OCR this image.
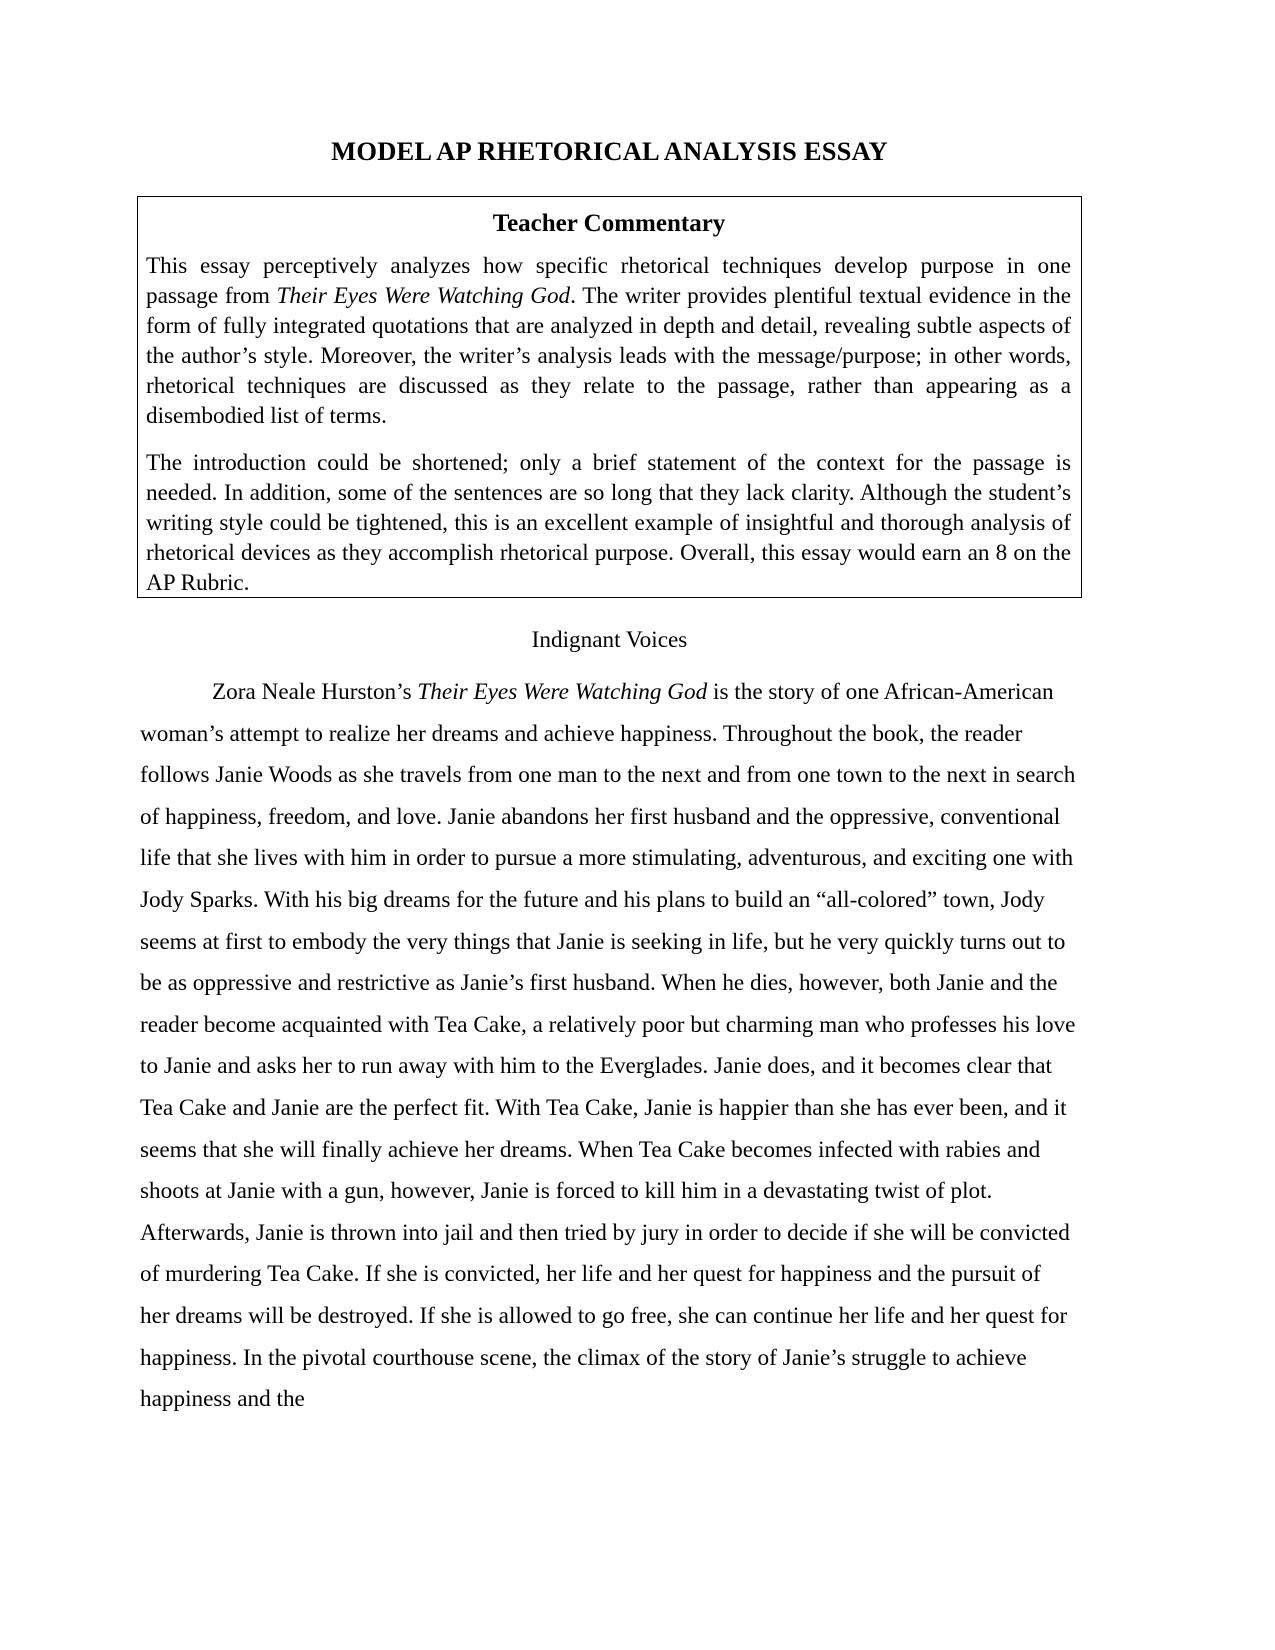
MODEL AP RHETORICAL ANALYSIS ESSAY
Teacher Commentary

This essay perceptively analyzes how specific rhetorical techniques develop purpose in one passage from Their Eyes Were Watching God. The writer provides plentiful textual evidence in the form of fully integrated quotations that are analyzed in depth and detail, revealing subtle aspects of the author’s style. Moreover, the writer’s analysis leads with the message/purpose; in other words, rhetorical techniques are discussed as they relate to the passage, rather than appearing as a disembodied list of terms.

The introduction could be shortened; only a brief statement of the context for the passage is needed. In addition, some of the sentences are so long that they lack clarity. Although the student’s writing style could be tightened, this is an excellent example of insightful and thorough analysis of rhetorical devices as they accomplish rhetorical purpose. Overall, this essay would earn an 8 on the AP Rubric.

Indignant Voices

Zora Neale Hurston’s Their Eyes Were Watching God is the story of one African-American woman’s attempt to realize her dreams and achieve happiness. Throughout the book, the reader follows Janie Woods as she travels from one man to the next and from one town to the next in search of happiness, freedom, and love. Janie abandons her first husband and the oppressive, conventional life that she lives with him in order to pursue a more stimulating, adventurous, and exciting one with Jody Sparks. With his big dreams for the future and his plans to build an “all-colored” town, Jody seems at first to embody the very things that Janie is seeking in life, but he very quickly turns out to be as oppressive and restrictive as Janie’s first husband. When he dies, however, both Janie and the reader become acquainted with Tea Cake, a relatively poor but charming man who professes his love to Janie and asks her to run away with him to the Everglades. Janie does, and it becomes clear that Tea Cake and Janie are the perfect fit. With Tea Cake, Janie is happier than she has ever been, and it seems that she will finally achieve her dreams. When Tea Cake becomes infected with rabies and shoots at Janie with a gun, however, Janie is forced to kill him in a devastating twist of plot. Afterwards, Janie is thrown into jail and then tried by jury in order to decide if she will be convicted of murdering Tea Cake. If she is convicted, her life and her quest for happiness and the pursuit of her dreams will be destroyed. If she is allowed to go free, she can continue her life and her quest for happiness. In the pivotal courthouse scene, the climax of the story of Janie’s struggle to achieve happiness and the
